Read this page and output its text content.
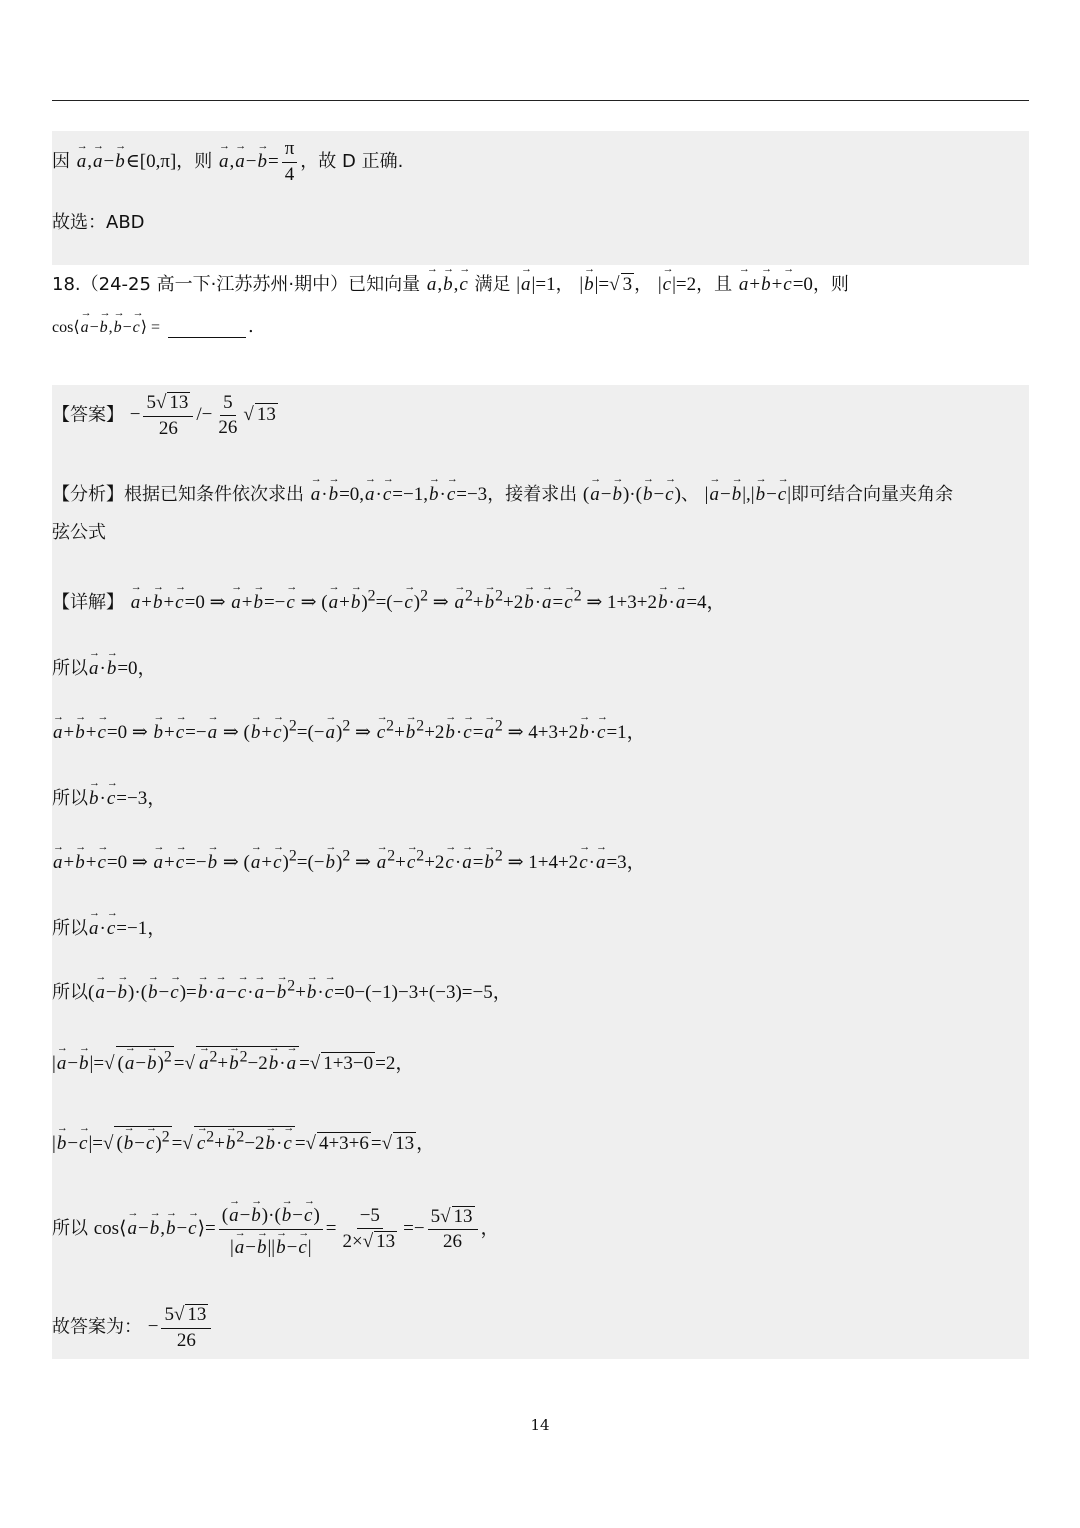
因 → a,→ a−→ b∈[0,π]，则 → $a,\to a-\to b= \frac{\pi}{4}$ ，故 D 正确.
故选：ABD
18.（24-25 高一下·江苏苏州·期中）已知向量 → a,→ b,→ c 满足 |→ a|=1， |→ b|= √ 3 ， |→ c|=2，且 → a+→ b+→ c=0，则
cos⟨→ a−→ b,→ b−→ c⟩ =	.
【答案】 − $\frac{5 √ 13}{26} /- \frac{5}{26}$ √ 13
【分析】根据已知条件依次求出 → a·→ b=0,→ a·→ c=−1,→ b·→ c=−3，接着求出 (→ a−→ b)·(→ b−→ c)、 |→ a−→ b|,|→ b−→ c|即可结合向量夹角余
弦公式
【详解】 → a+→ b+→ c=0 ⇒ → a+→ b=−→ c ⇒ (→ $a+\to b)^2=(-\to c)^2$ ⇒ → $a^2+\to b^2+2\to b\cdot\to a=\to c^2$ ⇒ 1+3+2→ b·→ a=4，
所以→ a·→ b=0，
→ a+→ b+→ c=0 ⇒ → b+→ c=−→ a ⇒ (→ $b+\to c)^2=(-\to a)^2$ ⇒ → $c^2+\to b^2+2\to b\cdot\to c=\to a^2$ ⇒ 4+3+2→ b·→ c=1，
所以→ b·→ c=−3，
→ a+→ b+→ c=0 ⇒ → a+→ c=−→ b ⇒ (→ $a+\to c)^2=(-\to b)^2$ ⇒ → $a^2+\to c^2+2\to c\cdot\to a=\to b^2$ ⇒ 1+4+2→ c·→ a=3，
所以→ a·→ c=−1，
所以(→ $a-\to b)\cdot(\to b-\to c)=\to b\cdot\to a-\to c\cdot\to a-\to b^2+\to b\cdot\to c=0-(-1)-3+(-3)=-5$，
|→ a−→ b|= √ (→ a−→ b)$^2$ = √ → $a^2+\to b^2-2\to b\cdot\to a$ = √ 1+3−0 =2，
|→ b−→ c|= √ (→ b−→ c)$^2$ = √ → $c^2+\to b^2-2\to b\cdot\to c$ = √ 4+3+6 = √ 13 ，
所以 cos⟨→ a−→ b,→ b−→ c⟩= $\frac{(\to a-\to b)\cdot(\to b-\to c)}{|\to a-\to b||\to b-\to c|} = \frac{-5}{2\times √ 13} =- \frac{5 √ 13}{26}$ ，
故答案为： − $\frac{5 √ 13}{26}$
14
